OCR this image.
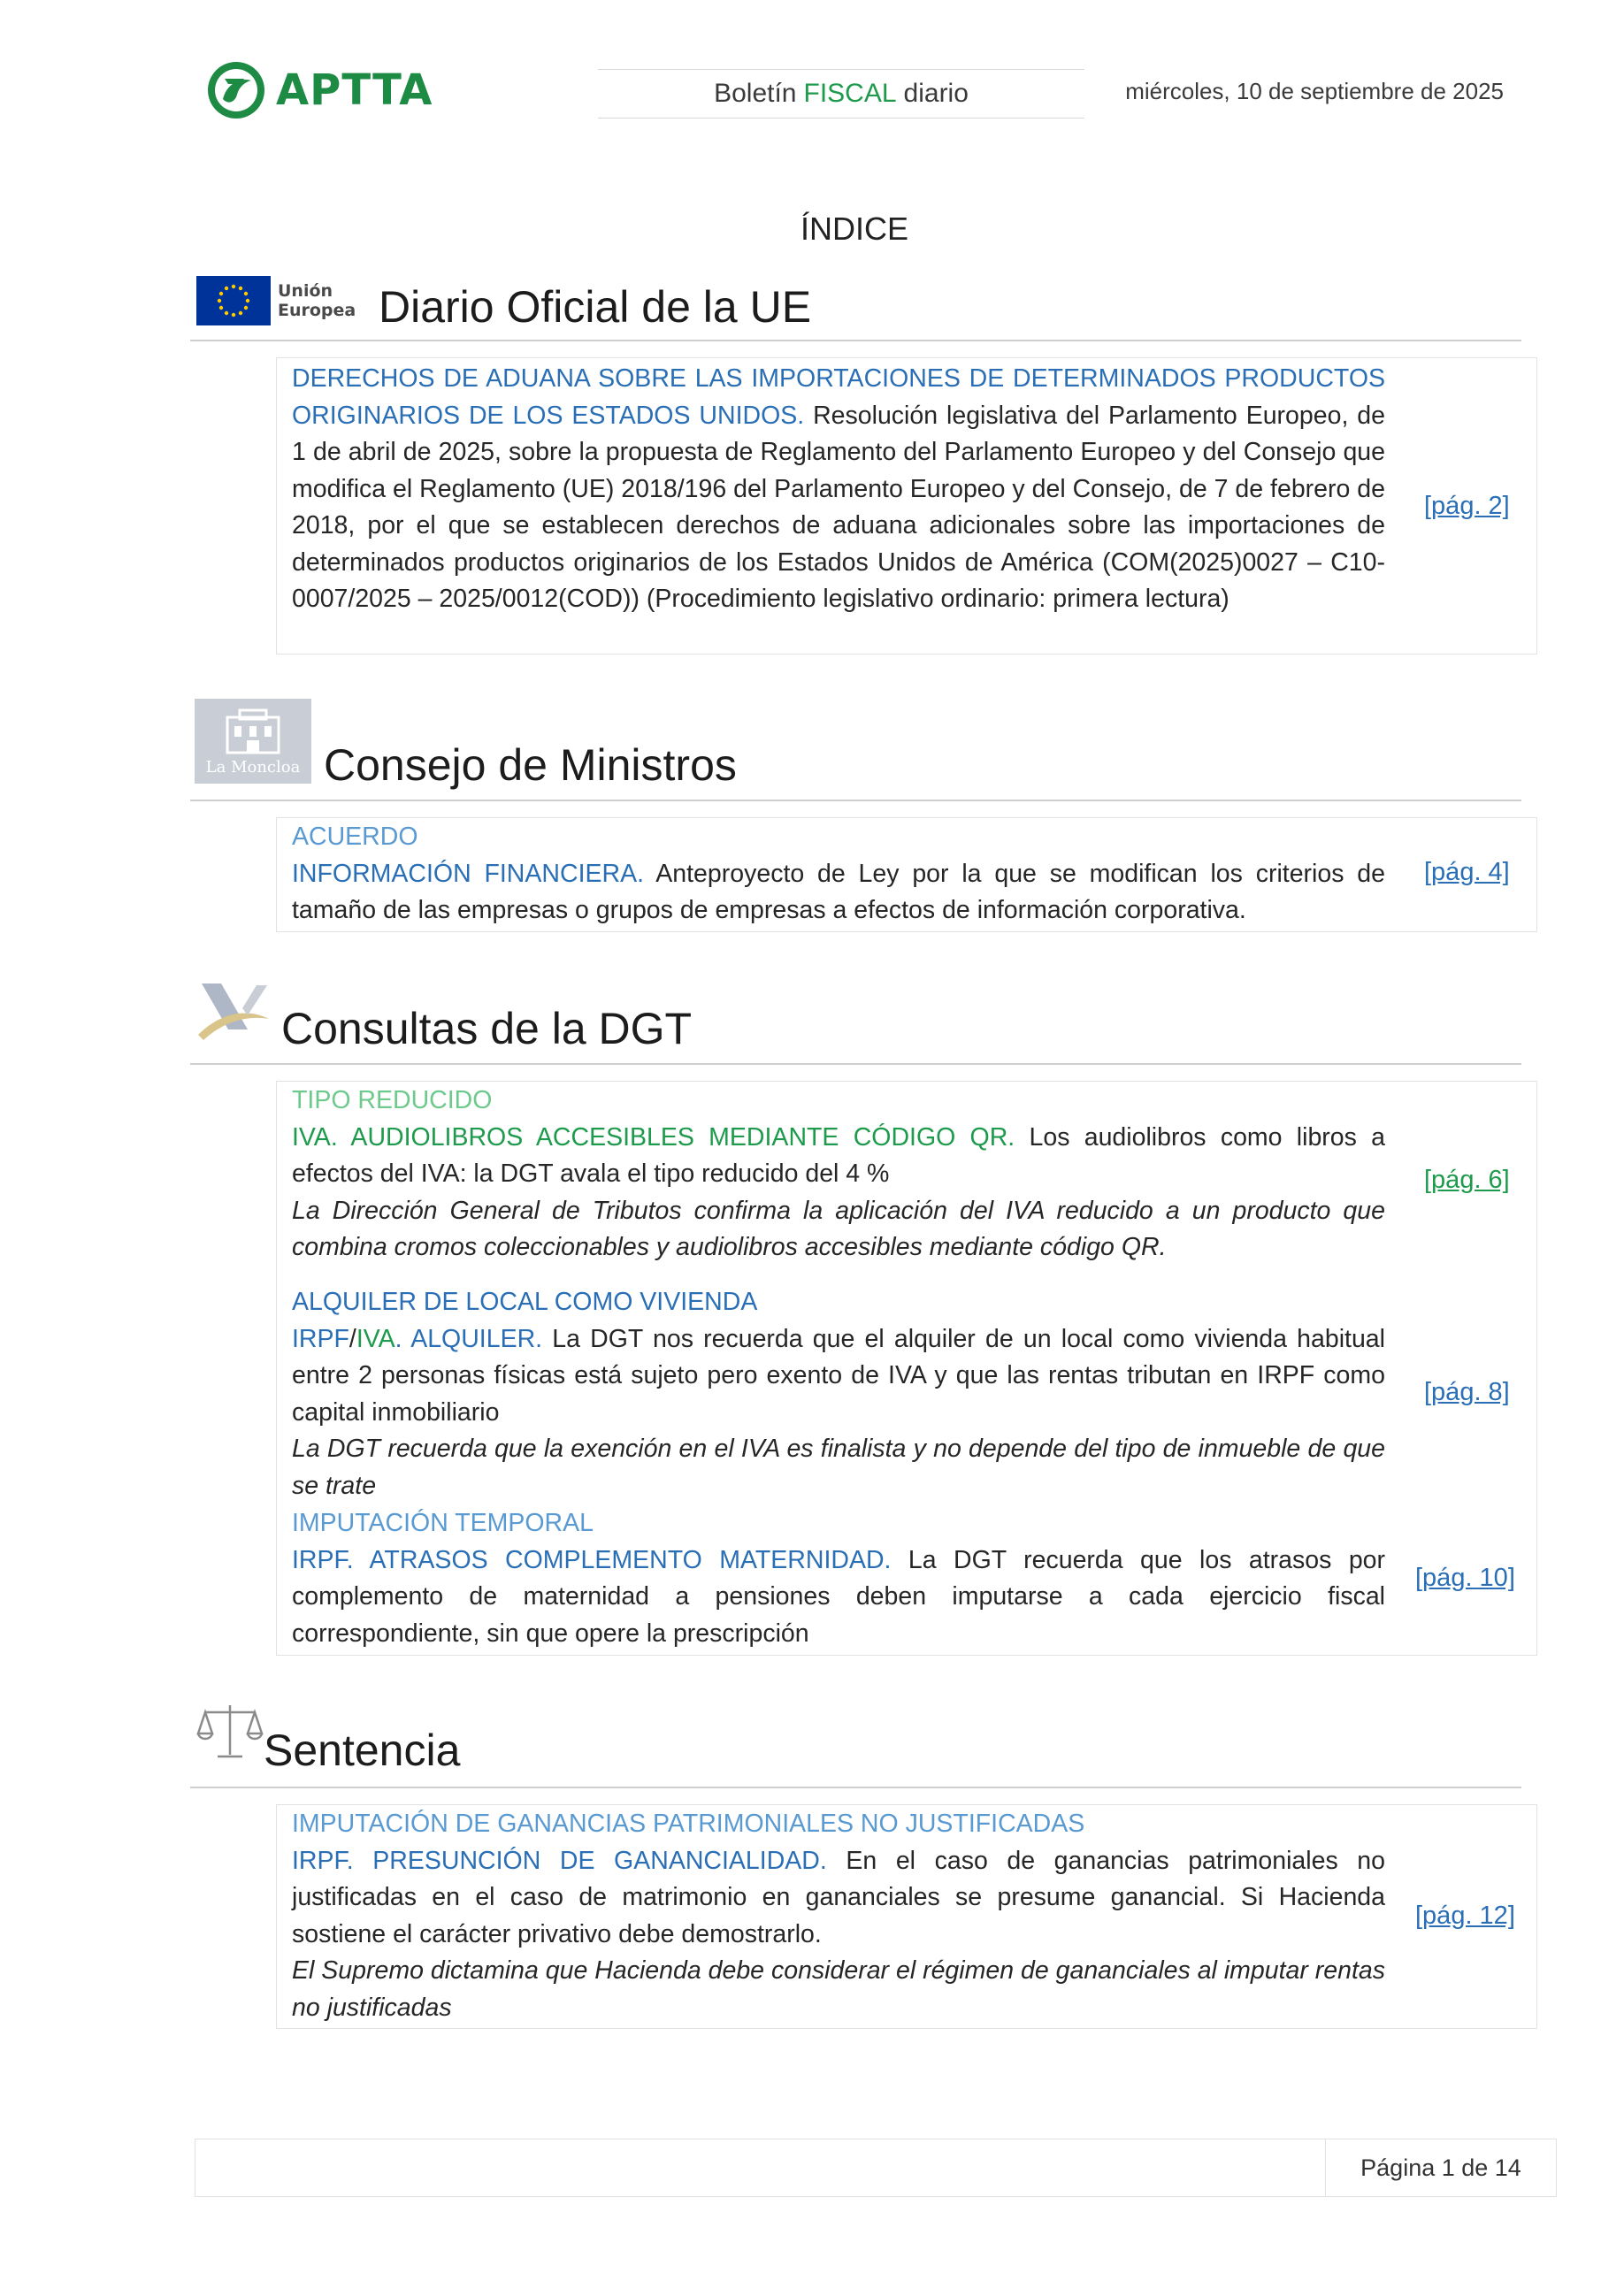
APTTA	Boletín FISCAL diario	miércoles, 10 de septiembre de 2025
ÍNDICE
Unión
Europea Diario Oficial de la UE

DERECHOS DE ADUANA SOBRE LAS IMPORTACIONES DE DETERMINADOS PRODUCTOS ORIGINARIOS DE LOS ESTADOS UNIDOS. Resolución legislativa del Parlamento Europeo, de 1 de abril de 2025, sobre la propuesta de Reglamento del Parlamento Europeo y del Consejo que modifica el Reglamento (UE) 2018/196 del Parlamento Europeo y del Consejo, de 7 de febrero de 2018, por el que se establecen derechos de aduana adicionales sobre las importaciones de determinados productos originarios de los Estados Unidos de América (COM(2025)0027 – C10-0007/2025 – 2025/0012(COD)) (Procedimiento legislativo ordinario: primera lectura)

[pág. 2]
La Moncloa Consejo de Ministros

ACUERDO

INFORMACIÓN FINANCIERA. Anteproyecto de Ley por la que se modifican los criterios de tamaño de las empresas o grupos de empresas a efectos de información corporativa.

[pág. 4]
Consultas de la DGT

TIPO REDUCIDO

IVA. AUDIOLIBROS ACCESIBLES MEDIANTE CÓDIGO QR. Los audiolibros como libros a efectos del IVA: la DGT avala el tipo reducido del 4 %

La Dirección General de Tributos confirma la aplicación del IVA reducido a un producto que combina cromos coleccionables y audiolibros accesibles mediante código QR.

[pág. 6]

ALQUILER DE LOCAL COMO VIVIENDA

IRPF/IVA. ALQUILER. La DGT nos recuerda que el alquiler de un local como vivienda habitual entre 2 personas físicas está sujeto pero exento de IVA y que las rentas tributan en IRPF como capital inmobiliario

La DGT recuerda que la exención en el IVA es finalista y no depende del tipo de inmueble de que se trate

[pág. 8]

IMPUTACIÓN TEMPORAL

IRPF. ATRASOS COMPLEMENTO MATERNIDAD. La DGT recuerda que los atrasos por complemento de maternidad a pensiones deben imputarse a cada ejercicio fiscal correspondiente, sin que opere la prescripción

[pág. 10]
Sentencia

IMPUTACIÓN DE GANANCIAS PATRIMONIALES NO JUSTIFICADAS

IRPF. PRESUNCIÓN DE GANANCIALIDAD. En el caso de ganancias patrimoniales no justificadas en el caso de matrimonio en gananciales se presume ganancial. Si Hacienda sostiene el carácter privativo debe demostrarlo.

El Supremo dictamina que Hacienda debe considerar el régimen de gananciales al imputar rentas no justificadas

[pág. 12]
Página 1 de 14
